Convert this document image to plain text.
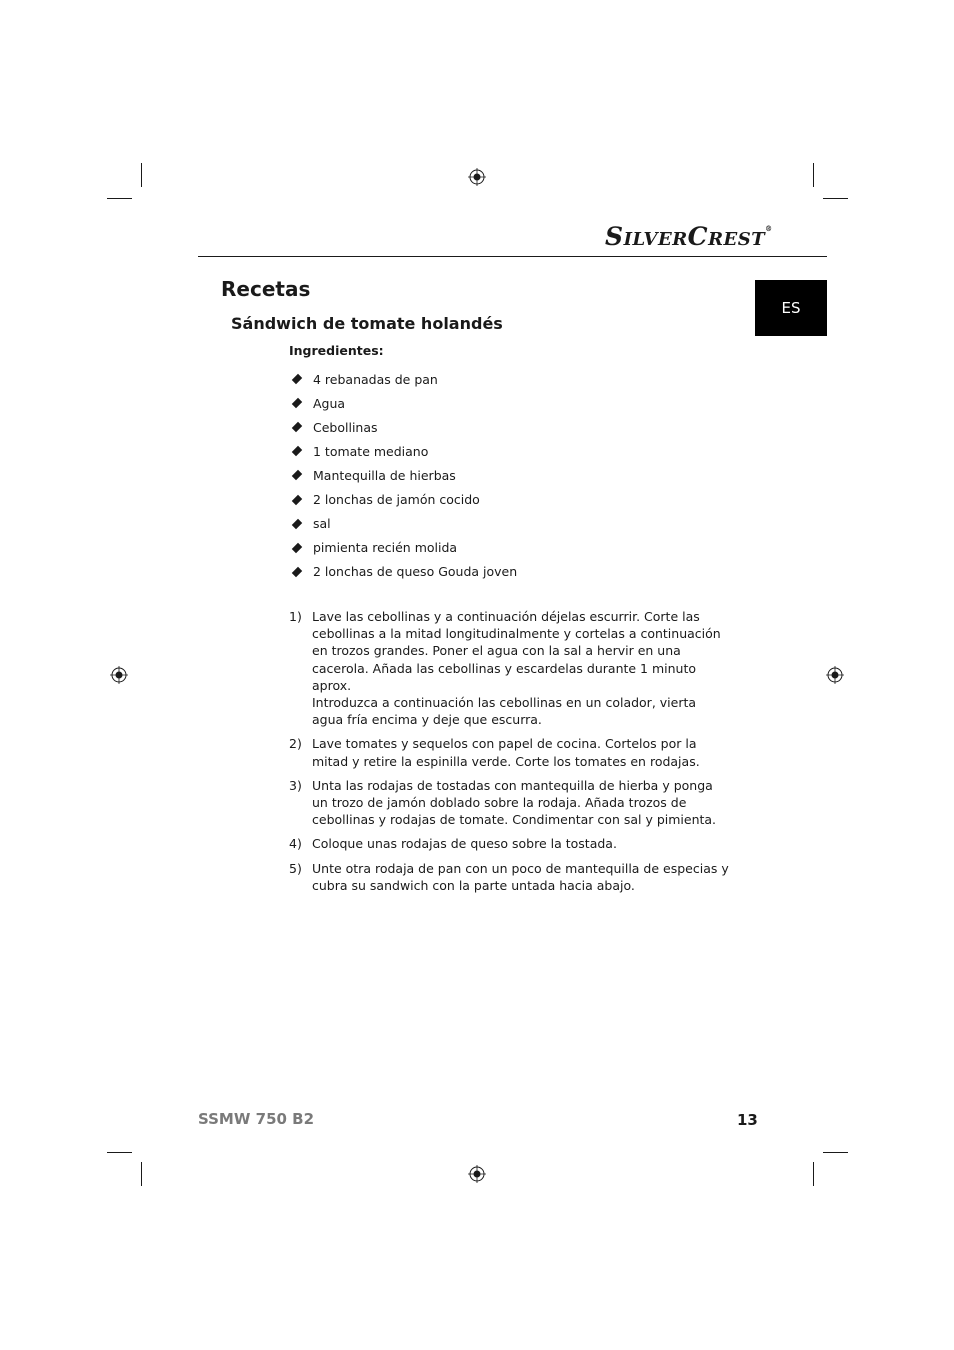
SILVERCREST®
ES
Recetas
Sándwich de tomate holandés
Ingredientes:
4 rebanadas de pan
Agua
Cebollinas
1 tomate mediano
Mantequilla de hierbas
2 lonchas de jamón cocido
sal
pimienta recién molida
2 lonchas de queso Gouda joven
1) Lave las cebollinas y a continuación déjelas escurrir. Corte las cebollinas a la mitad longitudinalmente y cortelas a continuación en trozos grandes. Poner el agua con la sal a hervir en una cacerola. Añada las cebollinas y escardelas durante 1 minuto aprox.
Introduzca a continuación las cebollinas en un colador, vierta agua fría encima y deje que escurra.
2) Lave tomates y sequelos con papel de cocina. Cortelos por la mitad y retire la espinilla verde. Corte los tomates en rodajas.
3) Unta las rodajas de tostadas con mantequilla de hierba y ponga un trozo de jamón doblado sobre la rodaja. Añada trozos de cebollinas y rodajas de tomate. Condimentar con sal y pimienta.
4) Coloque unas rodajas de queso sobre la tostada.
5) Unte otra rodaja de pan con un poco de mantequilla de especias y cubra su sandwich con la parte untada hacia abajo.
SSMW 750 B2	13
